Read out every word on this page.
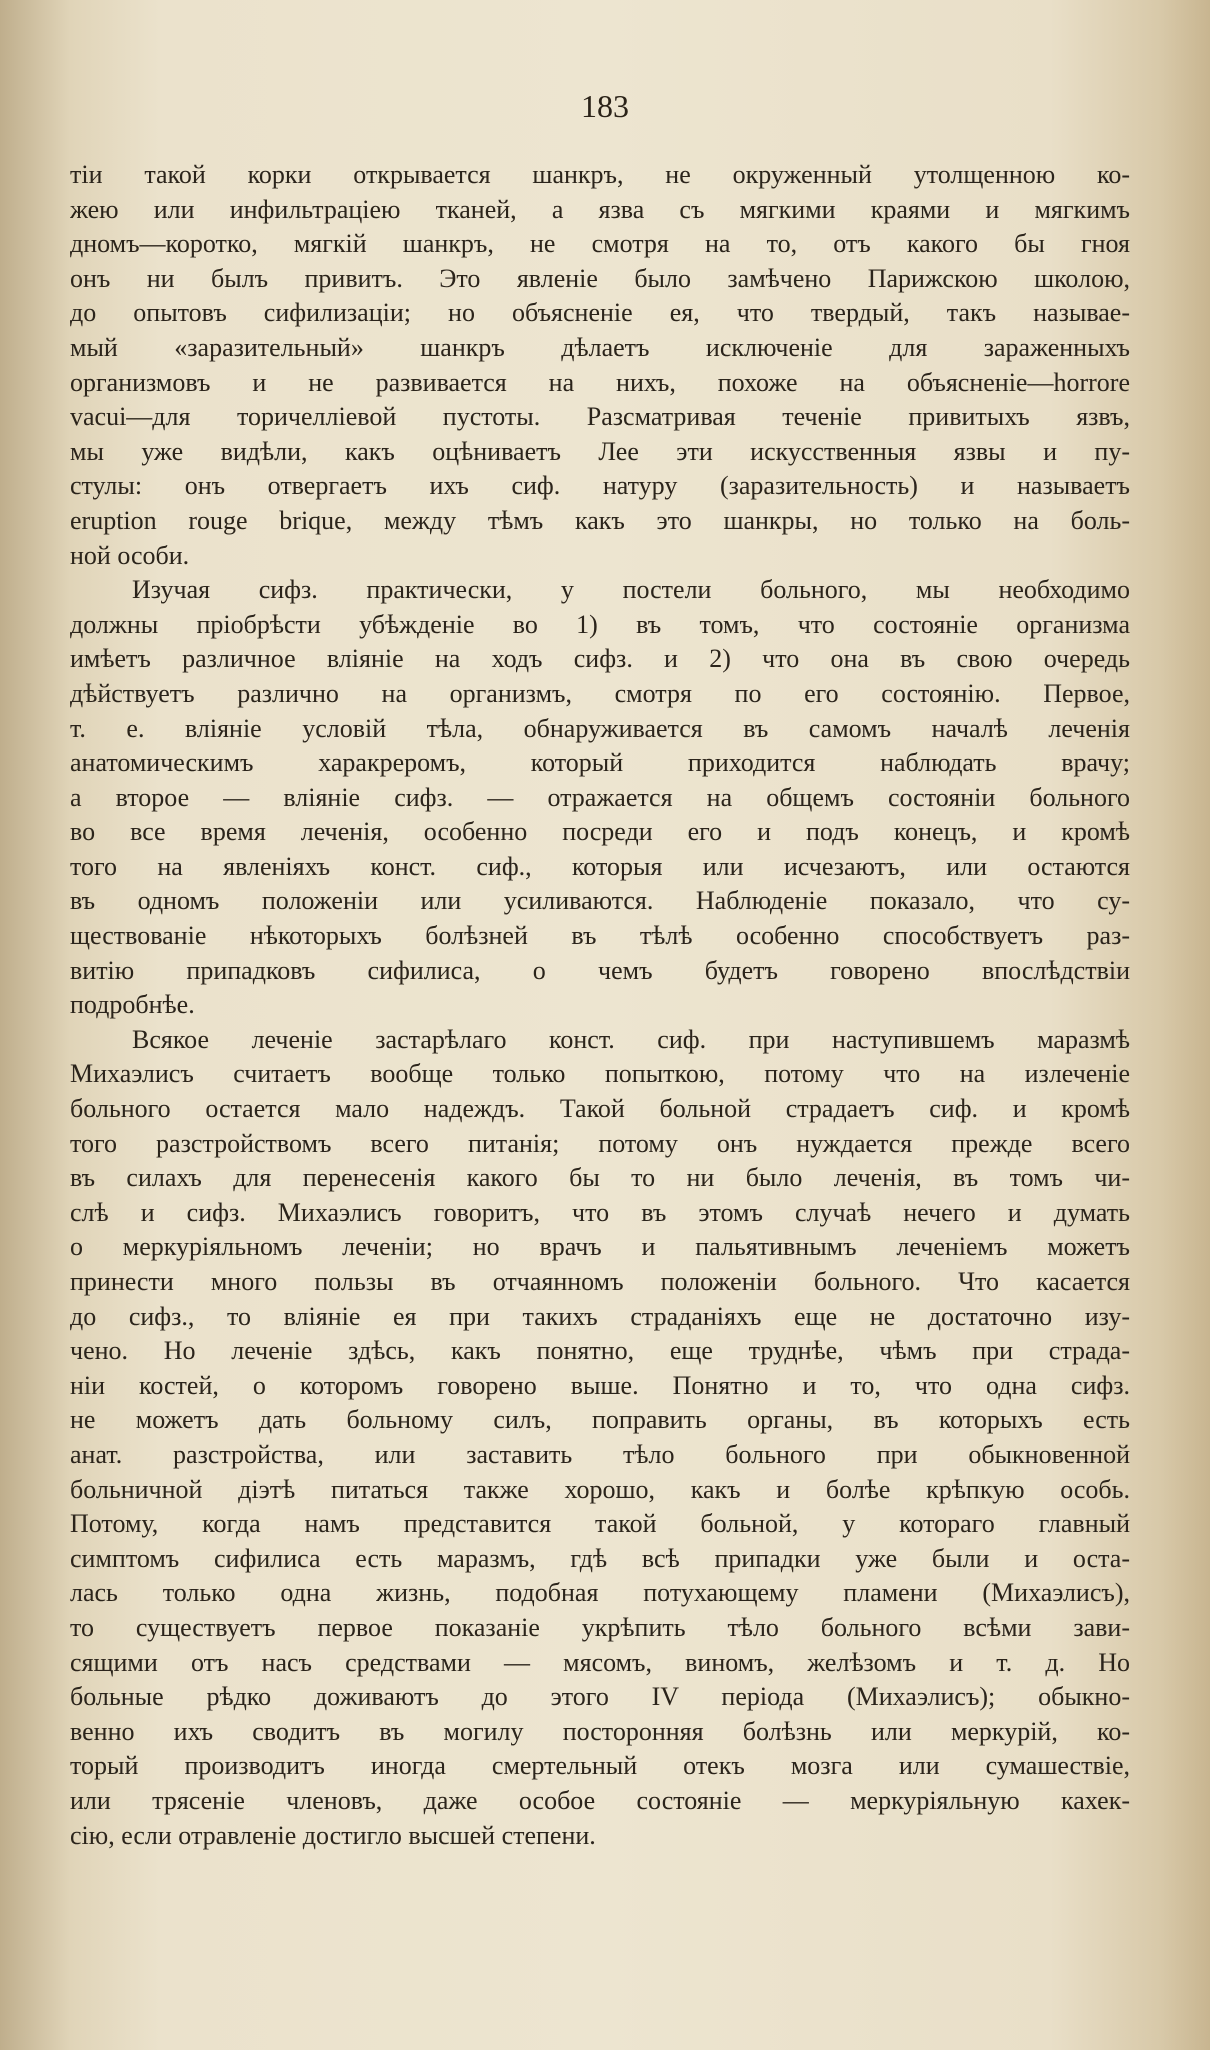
183
тiи такой корки открывается шанкръ, не окруженный утолщенною ко-
жею или инфильтрацiею тканей, а язва съ мягкими краями и мягкимъ
дномъ—коротко, мягкiй шанкръ, не смотря на то, отъ какого бы гноя
онъ ни былъ привитъ. Это явленiе было замѣчено Парижскою школою,
до опытовъ сифилизацiи; но объясненiе ея, что твердый, такъ называе-
мый «заразительный» шанкръ дѣлаетъ исключенiе для зараженныхъ
организмовъ и не развивается на нихъ, похоже на объясненiе—horrore
vacui—для торичелліевой пустоты. Разсматривая теченiе привитыхъ язвъ,
мы уже видѣли, какъ оцѣниваетъ Лее эти искусственныя язвы и пу-
стулы: онъ отвергаетъ ихъ сиф. натуру (заразительность) и называетъ
eruption rouge brique, между тѣмъ какъ это шанкры, но только на боль-
ной особи.
Изучая сифз. практически, у постели больного, мы необходимо
должны прiобрѣсти убѣжденiе во 1) въ томъ, что состоянiе организма
имѣетъ различное влiянiе на ходъ сифз. и 2) что она въ свою очередь
дѣйствуетъ различно на организмъ, смотря по его состоянiю. Первое,
т. е. влiянiе условiй тѣла, обнаруживается въ самомъ началѣ леченiя
анатомическимъ харакреромъ, который приходится наблюдать врачу;
а второе — влiянiе сифз. — отражается на общемъ состоянiи больного
во все время леченiя, особенно посреди его и подъ конецъ, и кромѣ
того на явленiяхъ конст. сиф., которыя или исчезаютъ, или остаются
въ одномъ положенiи или усиливаются. Наблюденiе показало, что су-
ществованiе нѣкоторыхъ болѣзней въ тѣлѣ особенно способствуетъ раз-
витiю припадковъ сифилиса, о чемъ будетъ говорено впослѣдствiи
подробнѣе.
Всякое леченiе застарѣлаго конст. сиф. при наступившемъ маразмѣ
Михаэлисъ считаетъ вообще только попыткою, потому что на излеченiе
больного остается мало надеждъ. Такой больной страдаетъ сиф. и кромѣ
того разстройствомъ всего питанiя; потому онъ нуждается прежде всего
въ силахъ для перенесенiя какого бы то ни было леченiя, въ томъ чи-
слѣ и сифз. Михаэлисъ говоритъ, что въ этомъ случаѣ нечего и думать
о меркурiяльномъ леченiи; но врачъ и пальятивнымъ леченiемъ можетъ
принести много пользы въ отчаянномъ положенiи больного. Что касается
до сифз., то влiянiе ея при такихъ страданiяхъ еще не достаточно изу-
чено. Но леченiе здѣсь, какъ понятно, еще труднѣе, чѣмъ при страда-
нiи костей, о которомъ говорено выше. Понятно и то, что одна сифз.
не можетъ дать больному силъ, поправить органы, въ которыхъ есть
анат. разстройства, или заставить тѣло больного при обыкновенной
больничной дiэтѣ питаться также хорошо, какъ и болѣе крѣпкую особь.
Потому, когда намъ представится такой больной, у котораго главный
симптомъ сифилиса есть маразмъ, гдѣ всѣ припадки уже были и оста-
лась только одна жизнь, подобная потухающему пламени (Михаэлисъ),
то существуетъ первое показанiе укрѣпить тѣло больного всѣми зави-
сящими отъ насъ средствами — мясомъ, виномъ, желѣзомъ и т. д. Но
больные рѣдко доживаютъ до этого IV перiода (Михаэлисъ); обыкно-
венно ихъ сводитъ въ могилу посторонняя болѣзнь или меркурiй, ко-
торый производитъ иногда смертельный отекъ мозга или сумашествiе,
или трясенiе членовъ, даже особое состоянiе — меркурiяльную кахек-
сiю, если отравленiе достигло высшей степени.
